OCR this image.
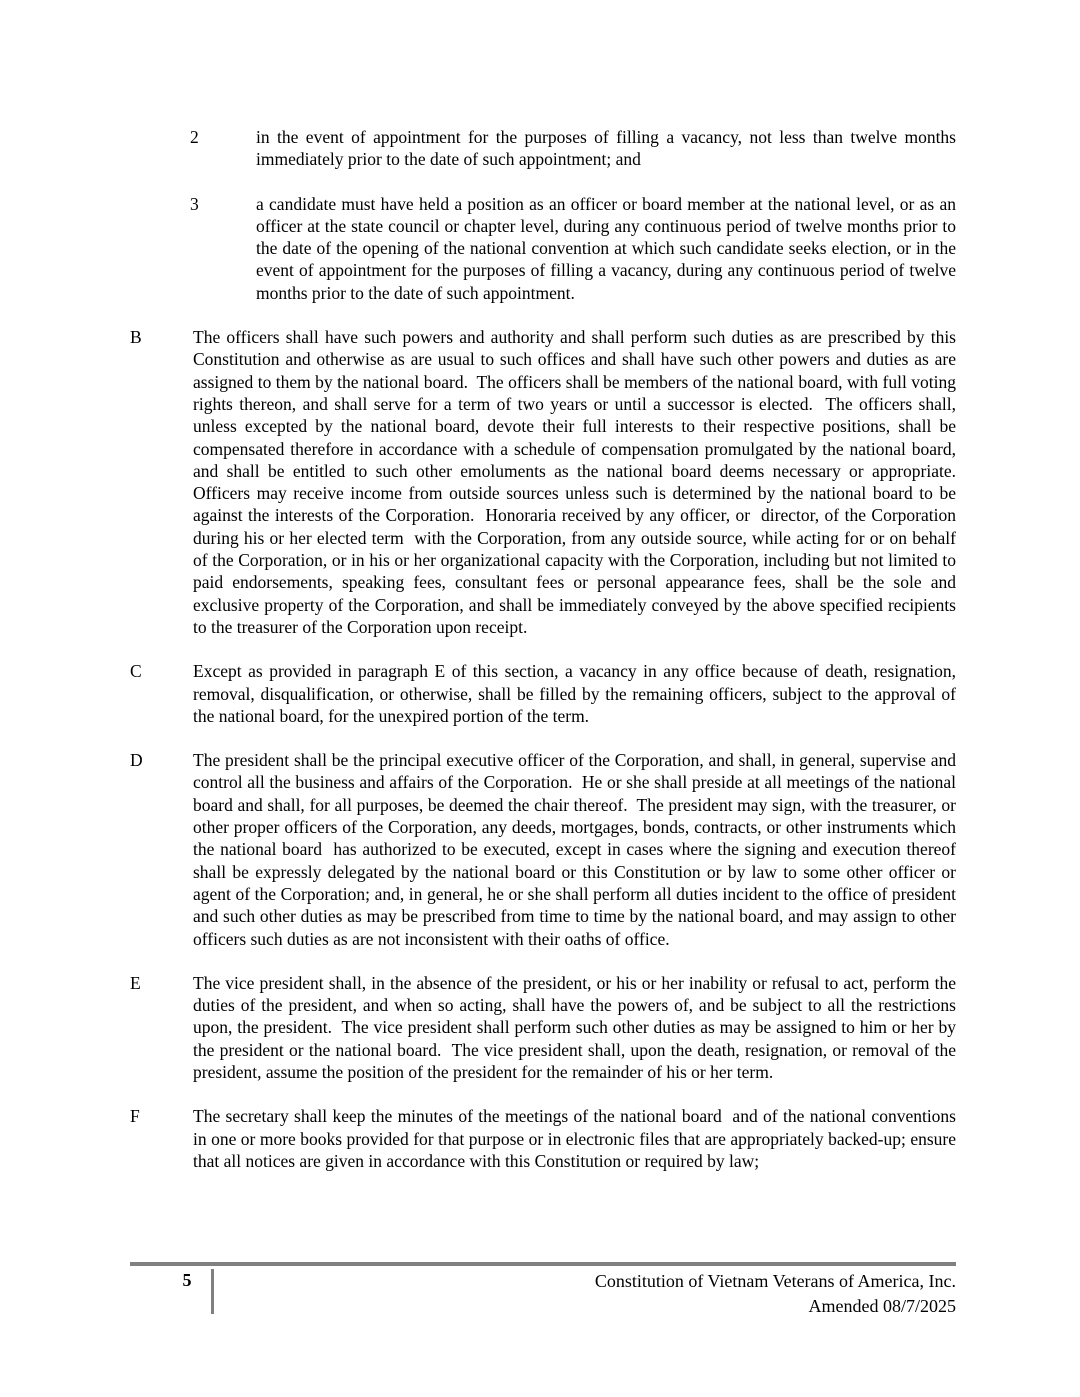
2	in the event of appointment for the purposes of filling a vacancy, not less than twelve months immediately prior to the date of such appointment; and
3	a candidate must have held a position as an officer or board member at the national level, or as an officer at the state council or chapter level, during any continuous period of twelve months prior to the date of the opening of the national convention at which such candidate seeks election, or in the event of appointment for the purposes of filling a vacancy, during any continuous period of twelve months prior to the date of such appointment.
B	The officers shall have such powers and authority and shall perform such duties as are prescribed by this Constitution and otherwise as are usual to such offices and shall have such other powers and duties as are assigned to them by the national board.  The officers shall be members of the national board, with full voting rights thereon, and shall serve for a term of two years or until a successor is elected.  The officers shall, unless excepted by the national board, devote their full interests to their respective positions, shall be compensated therefore in accordance with a schedule of compensation promulgated by the national board, and shall be entitled to such other emoluments as the national board deems necessary or appropriate.  Officers may receive income from outside sources unless such is determined by the national board to be against the interests of the Corporation.  Honoraria received by any officer, or  director, of the Corporation during his or her elected term  with the Corporation, from any outside source, while acting for or on behalf of the Corporation, or in his or her organizational capacity with the Corporation, including but not limited to paid endorsements, speaking fees, consultant fees or personal appearance fees, shall be the sole and exclusive property of the Corporation, and shall be immediately conveyed by the above specified recipients to the treasurer of the Corporation upon receipt.
C	Except as provided in paragraph E of this section, a vacancy in any office because of death, resignation, removal, disqualification, or otherwise, shall be filled by the remaining officers, subject to the approval of the national board, for the unexpired portion of the term.
D	The president shall be the principal executive officer of the Corporation, and shall, in general, supervise and control all the business and affairs of the Corporation.  He or she shall preside at all meetings of the national board and shall, for all purposes, be deemed the chair thereof.  The president may sign, with the treasurer, or other proper officers of the Corporation, any deeds, mortgages, bonds, contracts, or other instruments which the national board  has authorized to be executed, except in cases where the signing and execution thereof shall be expressly delegated by the national board or this Constitution or by law to some other officer or agent of the Corporation; and, in general, he or she shall perform all duties incident to the office of president and such other duties as may be prescribed from time to time by the national board, and may assign to other officers such duties as are not inconsistent with their oaths of office.
E	The vice president shall, in the absence of the president, or his or her inability or refusal to act, perform the duties of the president, and when so acting, shall have the powers of, and be subject to all the restrictions upon, the president.  The vice president shall perform such other duties as may be assigned to him or her by the president or the national board.  The vice president shall, upon the death, resignation, or removal of the president, assume the position of the president for the remainder of his or her term.
F	The secretary shall keep the minutes of the meetings of the national board  and of the national conventions in one or more books provided for that purpose or in electronic files that are appropriately backed-up; ensure that all notices are given in accordance with this Constitution or required by law;
5	Constitution of Vietnam Veterans of America, Inc.
Amended 08/7/2025
